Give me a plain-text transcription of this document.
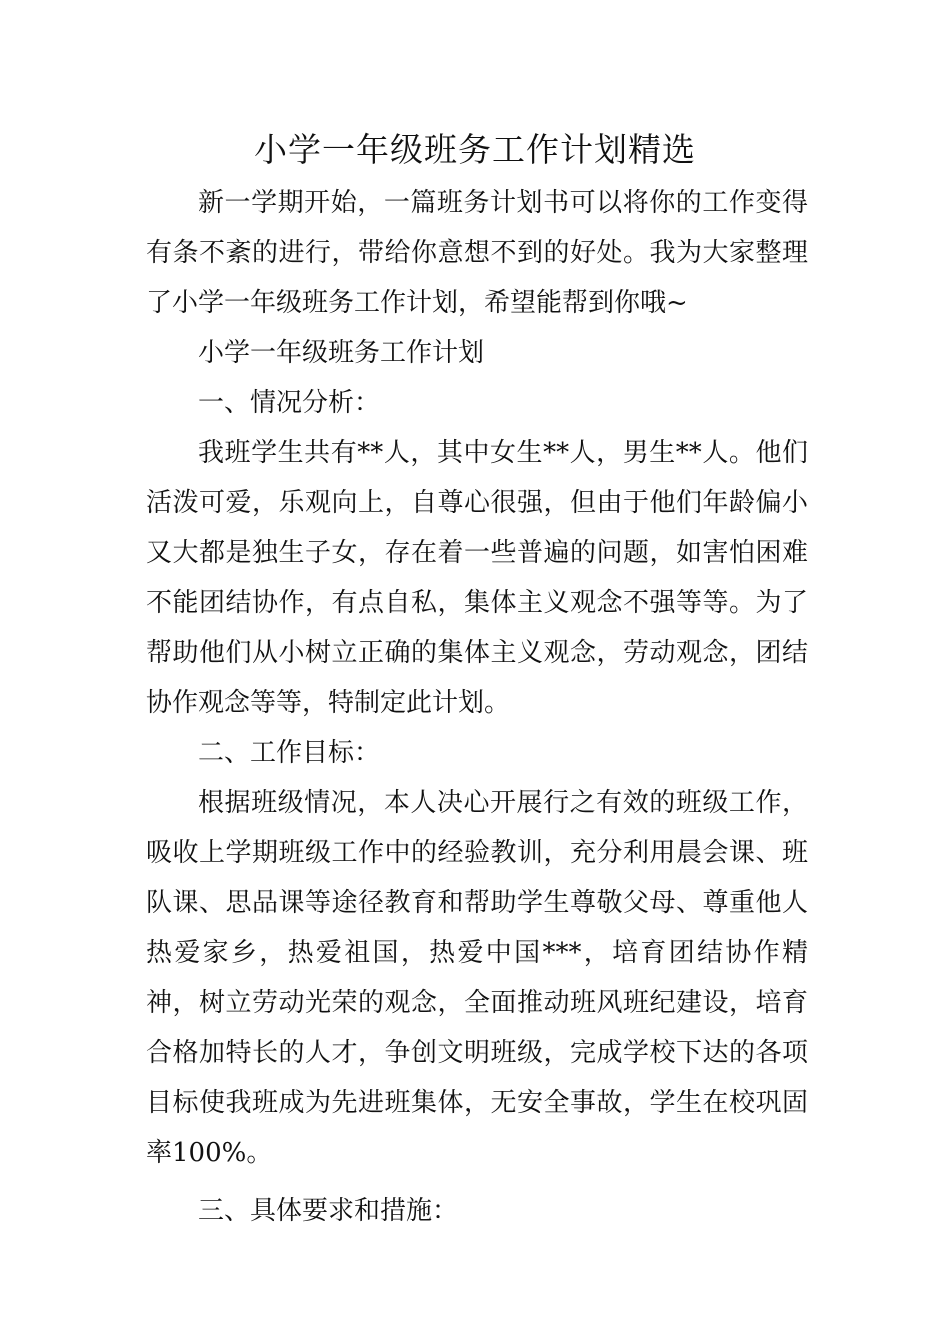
小学一年级班务工作计划精选

新一学期开始，一篇班务计划书可以将你的工作变得有条不紊的进行，带给你意想不到的好处。我为大家整理了小学一年级班务工作计划，希望能帮到你哦~

小学一年级班务工作计划

一、情况分析：

我班学生共有**人，其中女生**人，男生**人。他们活泼可爱，乐观向上，自尊心很强，但由于他们年龄偏小又大都是独生子女，存在着一些普遍的问题，如害怕困难不能团结协作，有点自私，集体主义观念不强等等。为了帮助他们从小树立正确的集体主义观念，劳动观念，团结协作观念等等，特制定此计划。

二、工作目标：

根据班级情况，本人决心开展行之有效的班级工作，吸收上学期班级工作中的经验教训，充分利用晨会课、班队课、思品课等途径教育和帮助学生尊敬父母、尊重他人热爱家乡，热爱祖国，热爱中国***，培育团结协作精神，树立劳动光荣的观念，全面推动班风班纪建设，培育合格加特长的人才，争创文明班级，完成学校下达的各项目标使我班成为先进班集体，无安全事故，学生在校巩固率100%。

三、具体要求和措施：
